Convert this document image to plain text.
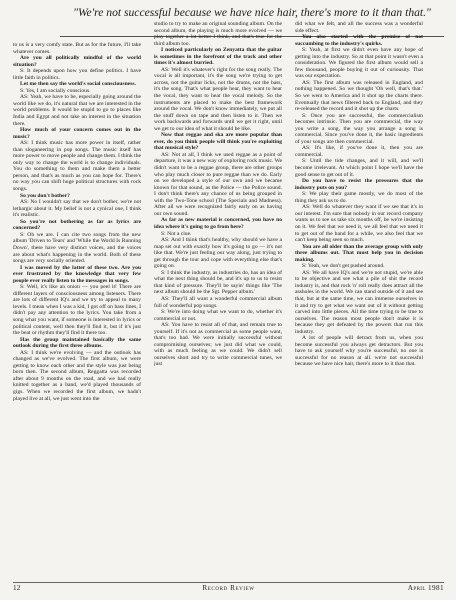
"We're not successful because we have nice hair, there's more to it than that."

to us is a very comfy state. But as for the future, I'll take whatever comes.

Are you all politically mindful of the world situation?

S: It depends upon how you define politics. I have little faith in politics.

Let me then say the world's social consciousness.

S: Yes, I am socially conscious.

AS: Yeah, we have to be, especially going around the world like we do, it's natural that we are interested in the world problems. It would be stupid to go to places like India and Egypt and not take an interest in the situation there.

How much of your concern comes out in the music?

AS: I think music has more power in itself, rather than sloganeering in pop songs. The music itself has more power to move people and change them. I think the only way to change the world is to change individuals. You do something to them and make them a better person, and that's as much as you can hope for. There's no way you can shift huge political structures with rock songs.

So you don't bother?

AS: No I wouldn't say that we don't bother, we're not lethargic about it. My belief is not a cynical one, I think it's realistic.

So you're not bothering as far as lyrics are concerned?

S: Oh we are. I can cite two songs from the new album 'Driven to Tears' and 'While the World Is Running Down', these have very distinct voices, and the voices are about what's happening in the world. Both of these songs are very socially oriented.

I was moved by the latter of these two. Are you ever frustrated by the knowledge that very few people ever really listen to the messages in songs.

S: Well, it's like an onion — you peel it! There are different layers of consciousness among listeners. There are lots of different IQ's and we try to appeal to many levels. I mean when I was a kid, I got off on bass lines, I didn't pay any attention to the lyrics. You take from a song what you want, if someone is interested in lyrics or political content, well then they'll find it, but if it's just the beat or rhythm they'll find it there too.

Has the group maintained basically the same outlook during the first three albums.

AS: I think we're evolving — and the outlook has changed as we've evolved. The first album, we were getting to know each other and the style was just being born then. The second album, Reggatta was recorded after about 9 months on the road, and we had really knitted together as a band, we'd played thousands of gigs. When we recorded the first album, we hadn't played live at all, we just went into the

studio to try to make an original sounding album. On the second album, the playing is much more evolved — we play together a lot better I think, and that's true for the third album too.

I noticed particularly on Zenyatta that the guitar is sometimes in the forefront of the track and other times it's almost burried.

AS: Well it's whatever's right for the song really. The vocal is all important, it's the song we're trying to get across, not the guitar licks, not the drums, not the bass, it's the song. That's what people hear, they want to hear the vocal, they want to hear the vocal melody. So the instruments are placed to make the best framework around the vocal. We don't know immediately, we put all the stuff down on tape and then listen to it. Then we work backwards and forwards until we get it right, until we get to our idea of what it should be like.

Now that reggae and ska are more popular than ever, do you think people will think you're exploiting that musical style?

AS: Not at all, I think we used reggae as a point of departure, it was a new way of exploring rock music. We didn't want to be a reggae group, there are other groups who play much closer to pure reggae than we do. Early on we developed a style of our own and we became known for that sound, as the Police — the Police sound. I don't think there's any chance of us being grouped in with the Two-Tone school (The Specials and Madness). After all we were recognized fairly early on as having our own sound.

As far as new material is concerned, you have no idea where it's going to go from here?

S: Not a clue.

AS: And I think that's healthy, why should we have a map set out with exactly how it's going to go — it's not like that. We're just feeling our way along, just trying to get through the tour and cope with everything else that's going on.

S: I think the industry, as industries do, has an idea of what the next thing should be, and it's up to us to resist that kind of pressure. They'll be sayin' things like 'The next album should be the Sgt. Pepper album.'

AS: They'll all want a wonderful commercial album full of wonderful pop songs.

S: We're into doing what we want to do, whether it's commercial or not.

AS: You have to resist all of that, and remain true to yourself. If it's not as commercial as some people want, that's too bad. We were initially successful without compromising ourselves; we just did what we could, with as much feeling as we could. We didn't sell ourselves short and try to write commercial tunes, we just

did what we felt, and all the success was a wonderful side effect.

You also started with the premise of not succumbing to the industry's quirks.

S: Yeah, at first we didn't even have any hope of getting into the industry. So at that point it wasn't even a consideration. We figured the first album would sell a few thousand, people buying it out of curiousity. That was our expectation.

AS: The first album was released in England, and nothing happened. So we thought 'Oh well, that's that.' So we went to America and it shot up the charts there. Eventually that news filtered back to England, and they re-released the record and it shot up the charts.

S: Once you are successful, the commercialism becomes intrinsic. Then you are commercial, the way you write a song, the way you arrange a song is commercial. Since you've done it, the basic ingredients of your songs are then commercial.

AS: It's like, if you've done it, then you are commercial.

S: Until the tide changes, and it will, and we'll become irrelevant. At which point I hope we'll have the good sense to get out of it.

Do you have to resist the pressures that the industry puts on you?

S: We play their game mostly, we do most of the thing they ask us to do.

AS: Well do whatever they want if we see that it's in our interest. I'm sure that nobody in our record company wants us to see us take six months off, be we're insisting on it. We feel that we need it, we all feel that we need it to get out of the band for a while, we also feel that we can't keep being seen so much.

You are all older than the average group with only three albums out. That must help you in decision making.

S: Yeah, we don't get pushed around.

AS: We all have IQ's and we're not stupid, we're able to be objective and see what a pile of shit the record industry is, and that rock 'n' roll really does attract all the assholes in the world. We can stand outside of it and see that, but at the same time, we can immerse ourselves in it and try to get what we want out of it without getting carved into little pieces. All the time trying to be true to ourselves. The reason most people don't make it is because they get defeated by the powers that run this industry.

A lot of people will detract from us, when you become successful you always get detractors. But you have to ask yourself why you're successful, no one is successful for no reason at all. we're not successful because we have nice hair, there's more to it than that.

12	Record Review	April 1981
